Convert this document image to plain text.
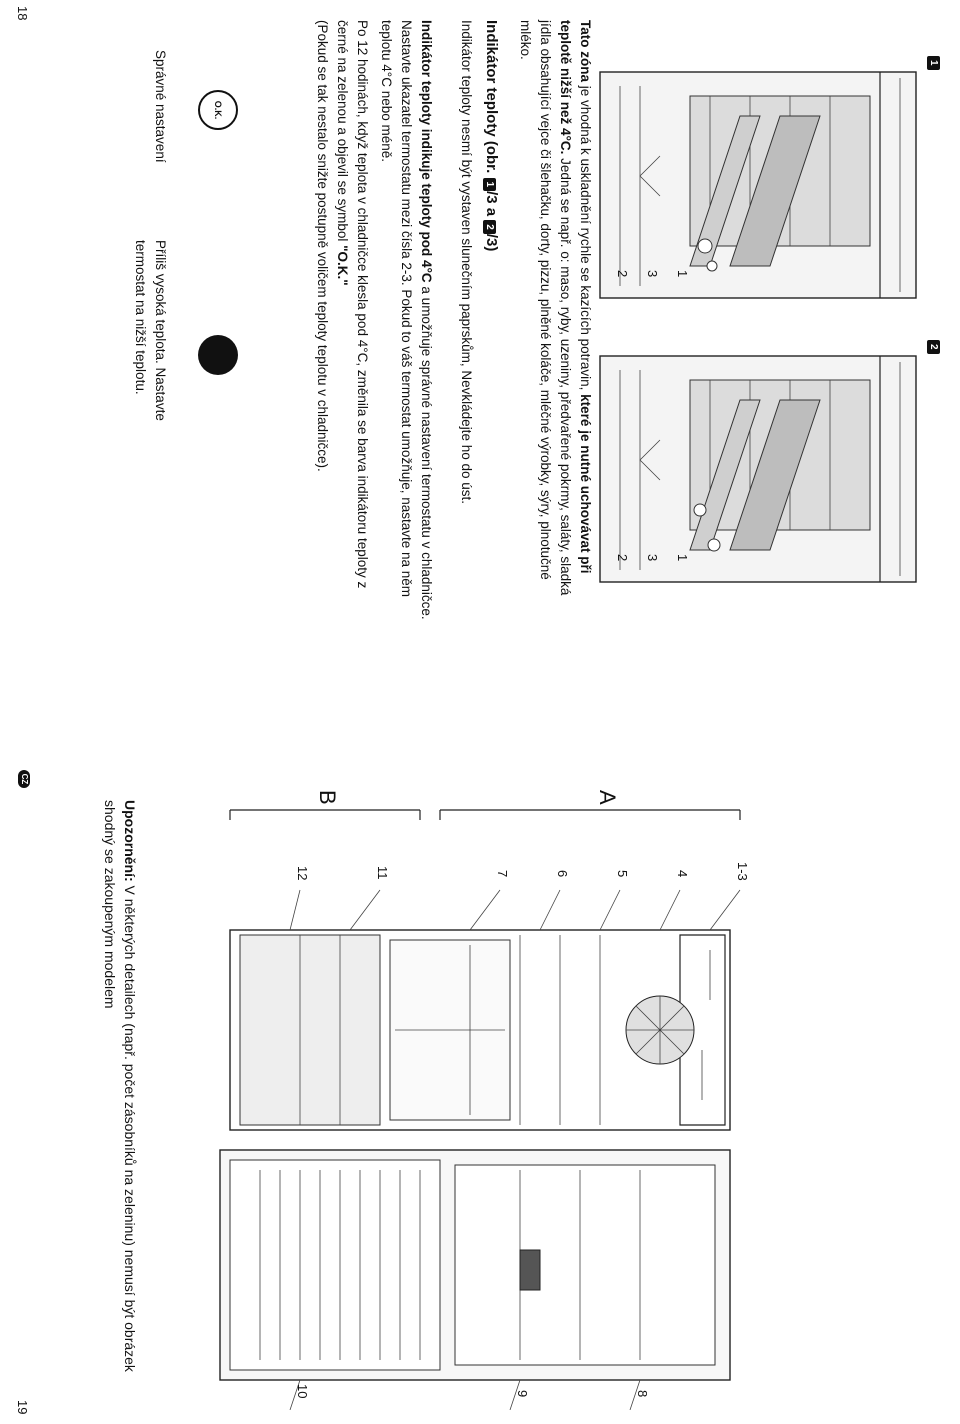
18
19
1
1
3
2
2
1
3
2
Tato zóna je vhodná k uskladnění rychle se kazících potravin, které je nutné uchovávat při teplotě nižší než 4°C. Jedná se např. o: maso, ryby, uzeniny, předvařené pokrmy, saláty, sladká jídla obsahující vejce či šlehačku, dorty, pizzu, plněné koláče, mléčné výrobky, sýry, plnotučné mléko.
Indikátor teploty (obr. 1/3 a 2/3)
Indikátor teploty nesmí být vystaven slunečním paprskům, Nevkládejte ho do úst.
Indikátor teploty indikuje teploty pod 4°C a umožňuje správné nastavení termostatu v chladničce. Nastavte ukazatel termostatu mezi čísla 2-3. Pokud to váš termostat umožňuje, nastavte na něm teplotu 4°C nebo méně.
Po 12 hodinách, když teplota v chladničce klesla pod 4°C, změnila se barva indikátoru teploty z černé na zelenou a objevil se symbol "O.K."
(Pokud se tak nestalo snižte postupně voličem teploty teplotu v chladničce).
O.K.
Správné nastavení
Příliš vysoká teplota. Nastavte termostat na nižší teplotu.
A
B
1-3
4
5
6
7
11
12
8
9
10
Upozornění: V některých detailech (např. počet zásobníků na zeleninu) nemusí být obrázek shodný se zakoupeným modelem
CZ
